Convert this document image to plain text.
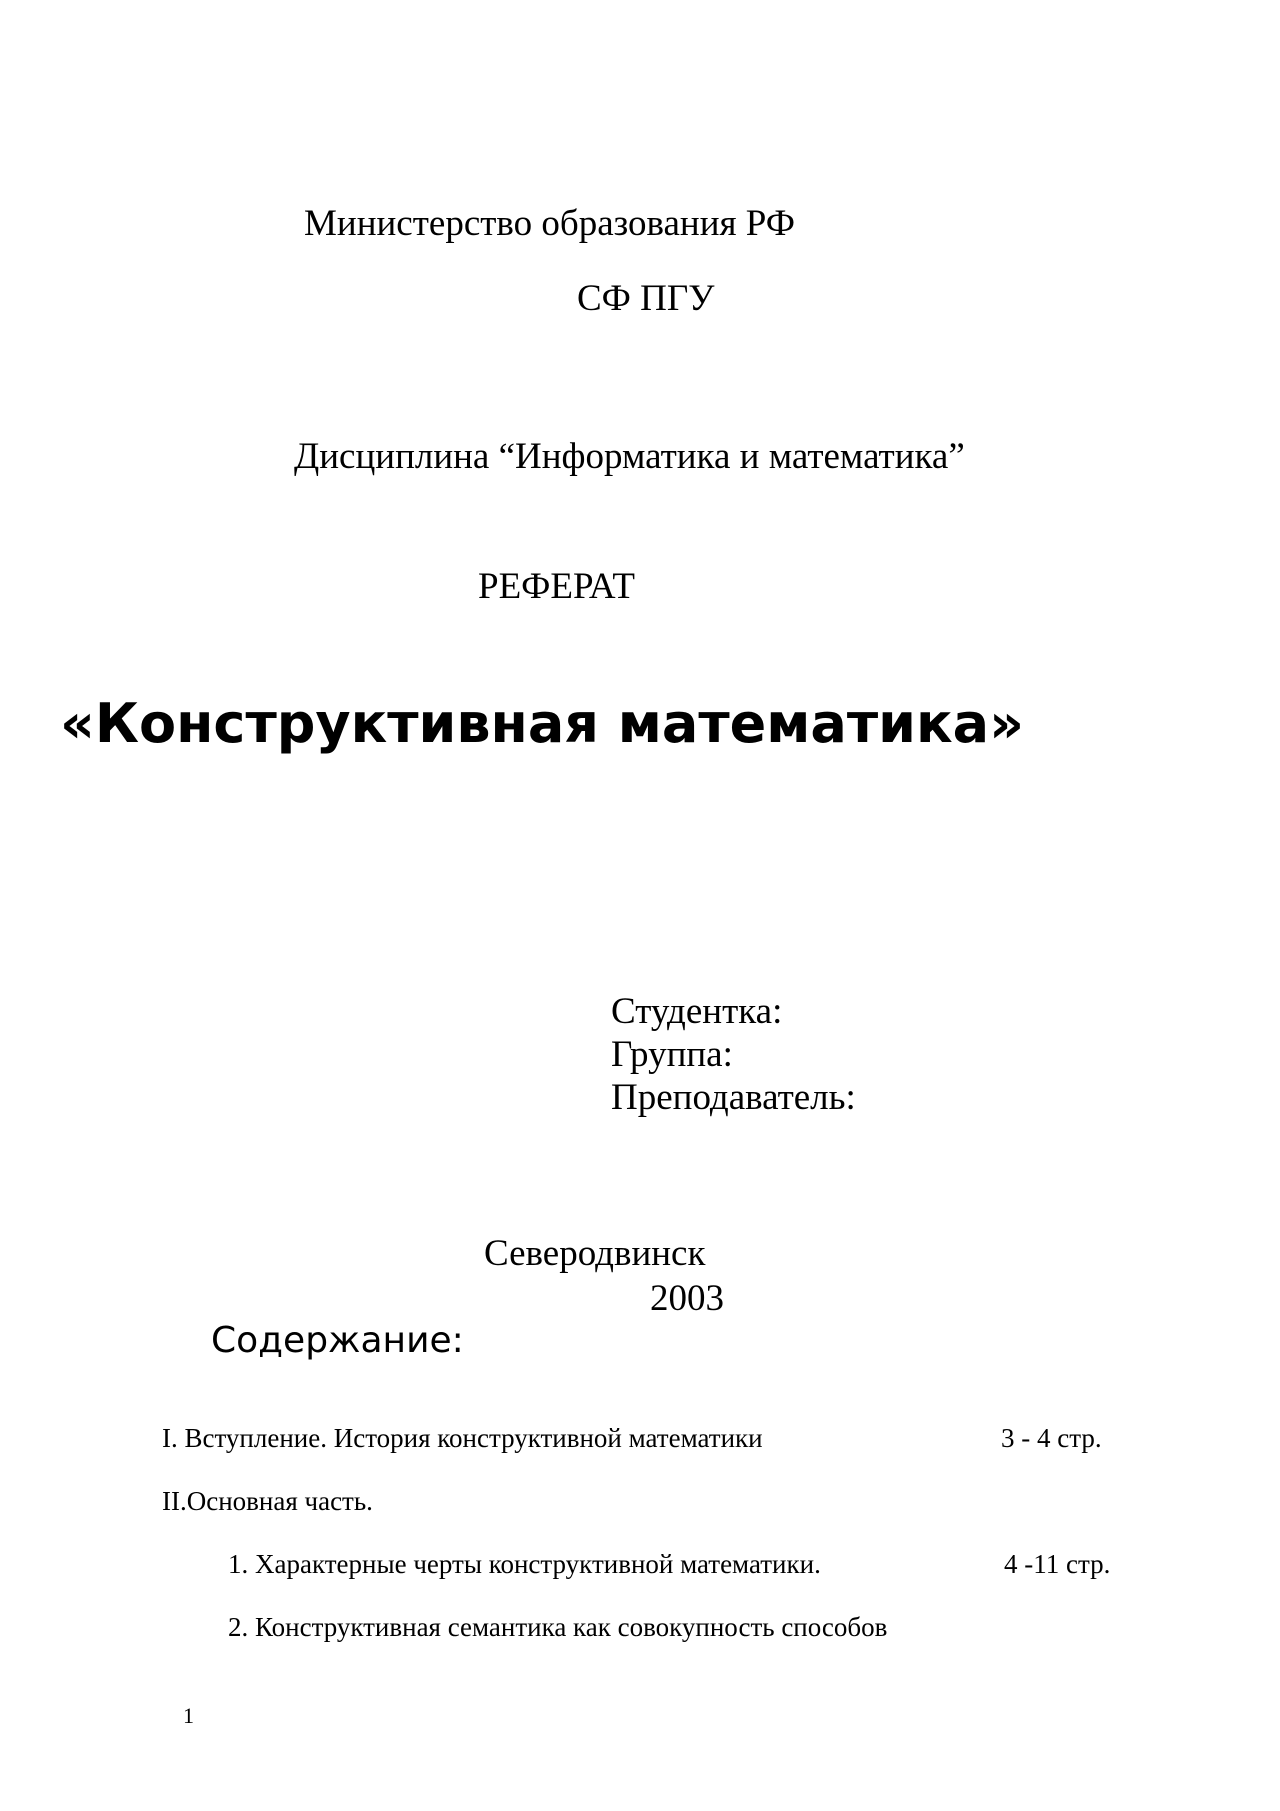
Министерство образования РФ
СФ ПГУ
Дисциплина “Информатика и математика”
РЕФЕРАТ
«Конструктивная математика»
Студентка:
Группа:
Преподаватель:
Северодвинск
2003
Содержание:
I. Вступление. История конструктивной математики	3 - 4 стр.
II.Основная часть.
1. Характерные черты конструктивной математики.	4 -11 стр.
2. Конструктивная семантика как совокупность способов
1
